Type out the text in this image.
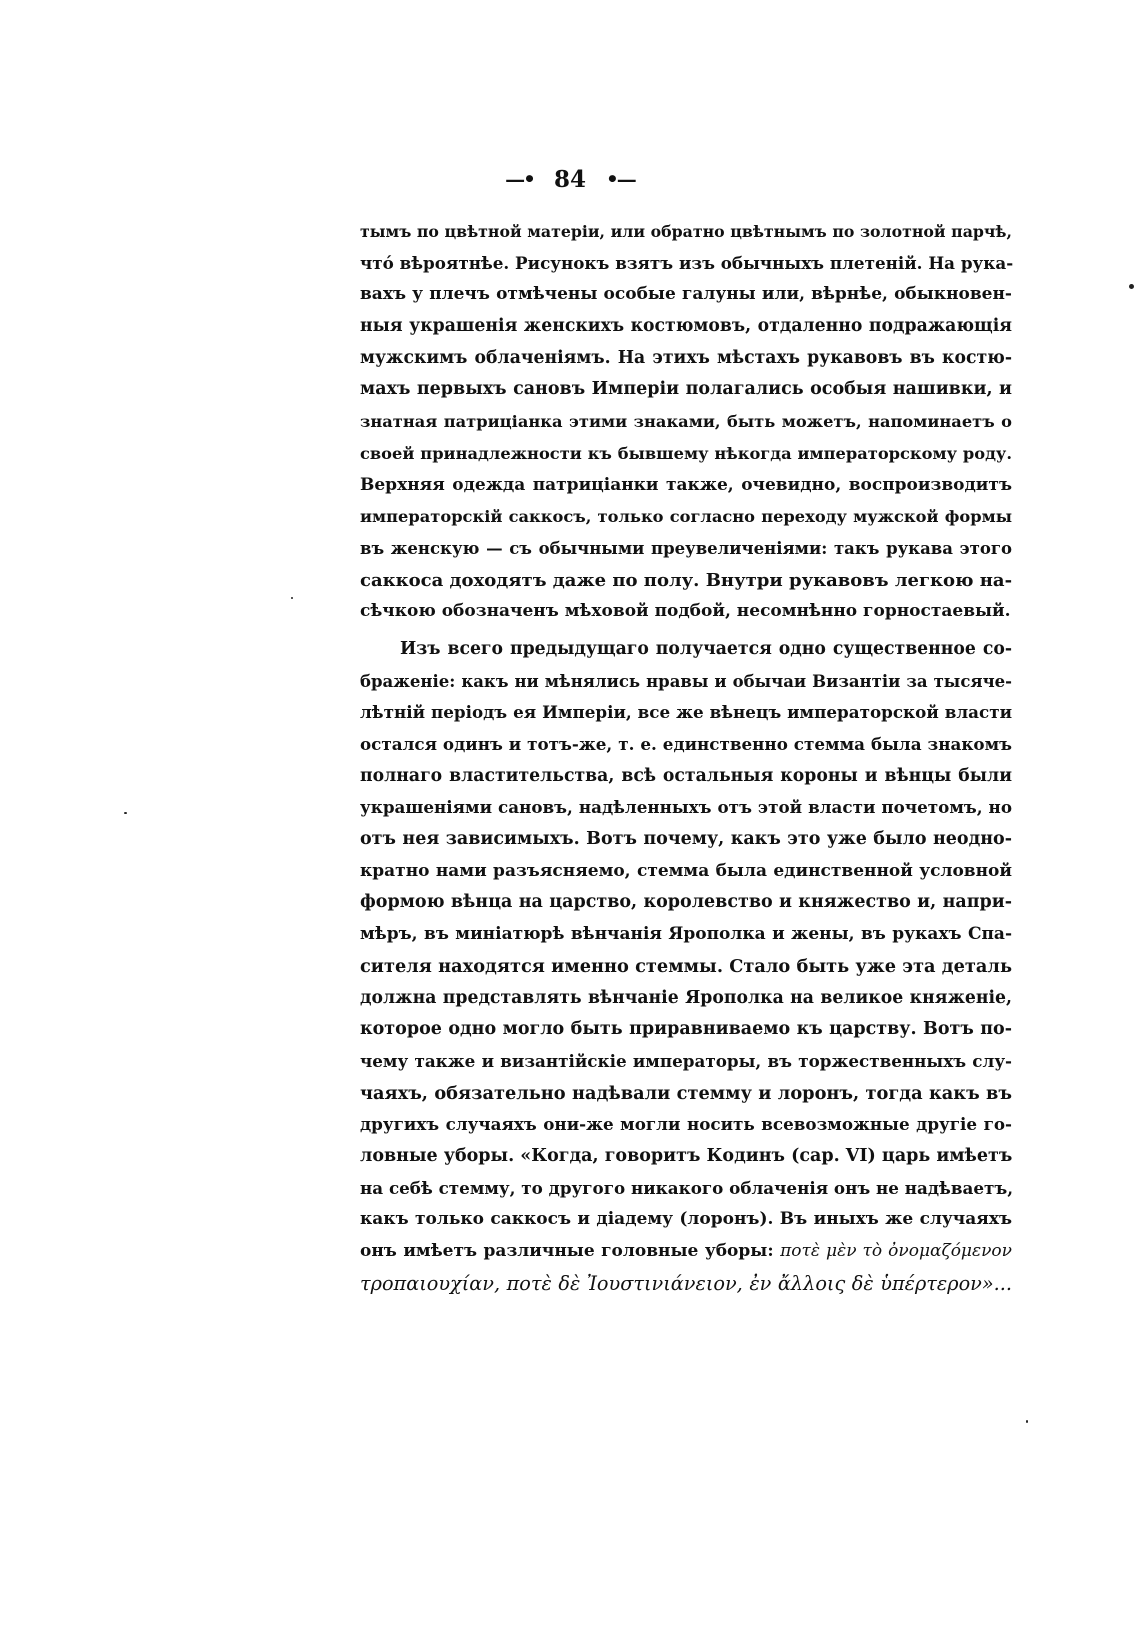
—• 84 •—
тымъ по цвѣтной матеріи, или обратно цвѣтнымъ по золотной парчѣ,
чтó вѣроятнѣе. Рисунокъ взятъ изъ обычныхъ плетеній. На рука-
вахъ у плечъ отмѣчены особые галуны или, вѣрнѣе, обыкновен-
ныя украшенія женскихъ костюмовъ, отдаленно подражающія
мужскимъ облаченіямъ. На этихъ мѣстахъ рукавовъ въ костю-
махъ первыхъ сановъ Имперіи полагались особыя нашивки, и
знатная патриціанка этими знаками, быть можетъ, напоминаетъ о
своей принадлежности къ бывшему нѣкогда императорскому роду.
Верхняя одежда патриціанки также, очевидно, воспроизводитъ
императорскій саккосъ, только согласно переходу мужской формы
въ женскую — съ обычными преувеличеніями: такъ рукава этого
саккоса доходятъ даже по полу. Внутри рукавовъ легкою на-
сѣчкою обозначенъ мѣховой подбой, несомнѣнно горностаевый.
Изъ всего предыдущаго получается одно существенное со-
браженіе: какъ ни мѣнялись нравы и обычаи Византіи за тысяче-
лѣтній періодъ ея Имперіи, все же вѣнецъ императорской власти
остался одинъ и тотъ-же, т. е. единственно стемма была знакомъ
полнаго властительства, всѣ остальныя короны и вѣнцы были
украшеніями сановъ, надѣленныхъ отъ этой власти почетомъ, но
отъ нея зависимыхъ. Вотъ почему, какъ это уже было неодно-
кратно нами разъясняемо, стемма была единственной условной
формою вѣнца на царство, королевство и княжество и, напри-
мѣръ, въ миніатюрѣ вѣнчанія Ярополка и жены, въ рукахъ Спа-
сителя находятся именно стеммы. Стало быть уже эта деталь
должна представлять вѣнчаніе Ярополка на великое княженіе,
которое одно могло быть приравниваемо къ царству. Вотъ по-
чему также и византійскіе императоры, въ торжественныхъ слу-
чаяхъ, обязательно надѣвали стемму и лоронъ, тогда какъ въ
другихъ случаяхъ они-же могли носить всевозможные другіе го-
ловные уборы. «Когда, говоритъ Кодинъ (сар. VI) царь имѣетъ
на себѣ стемму, то другого никакого облаченія онъ не надѣваетъ,
какъ только саккосъ и діадему (лоронъ). Въ иныхъ же случаяхъ
онъ имѣетъ различные головные уборы: ποτὲ μὲν τὸ ὀνομαζόμενον
τροπαιουχίαν, ποτὲ δὲ Ἰουστινιάνειον, ἐν ἄλλοις δὲ ὑπέρτερον»...
